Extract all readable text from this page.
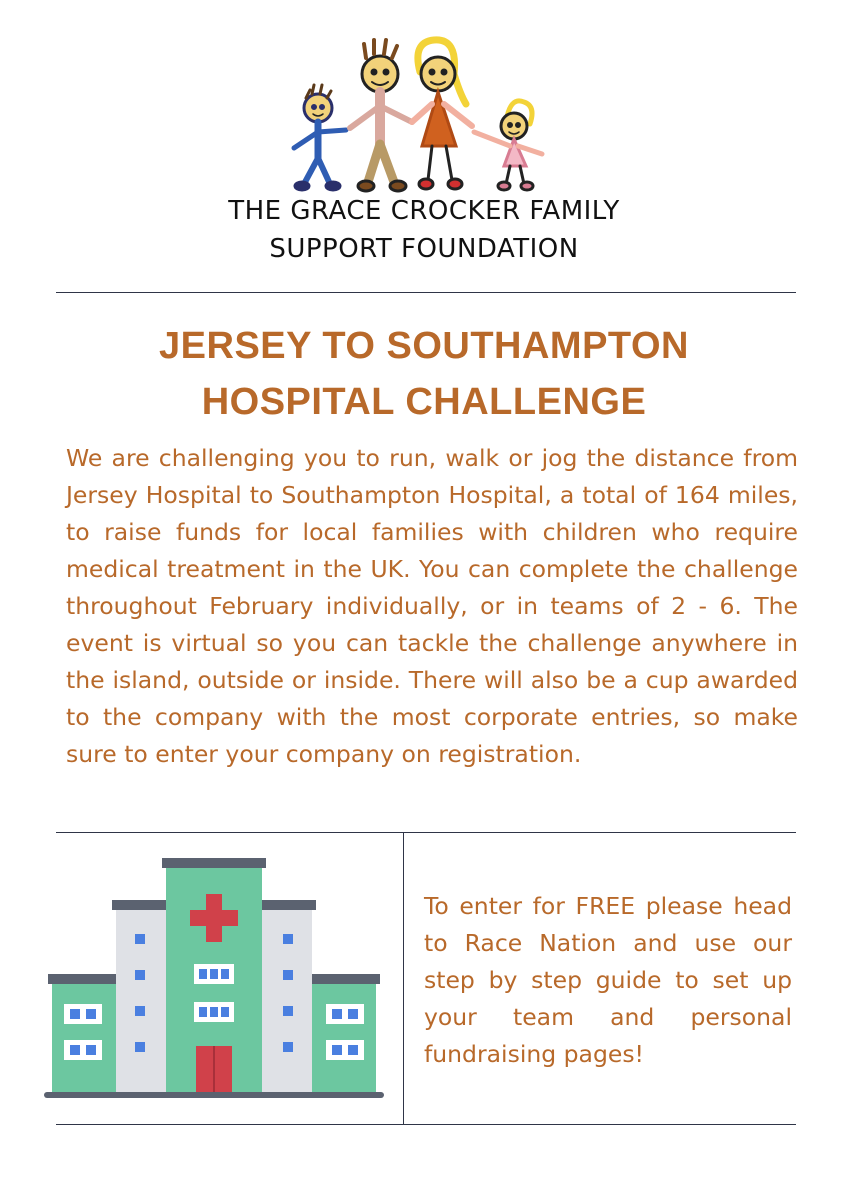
THE GRACE CROCKER FAMILY
SUPPORT FOUNDATION
JERSEY TO SOUTHAMPTON
HOSPITAL CHALLENGE
We are challenging you to run, walk or jog the distance from Jersey Hospital to Southampton Hospital, a total of 164 miles, to raise funds for local families with children who require medical treatment in the UK. You can complete the challenge throughout February individually, or in teams of 2 - 6. The event is virtual so you can tackle the challenge anywhere in the island, outside or inside. There will also be a cup awarded to the company with the most corporate entries, so make sure to enter your company on registration.
To enter for FREE please head to Race Nation and use our step by step guide to set up your team and personal fundraising pages!
